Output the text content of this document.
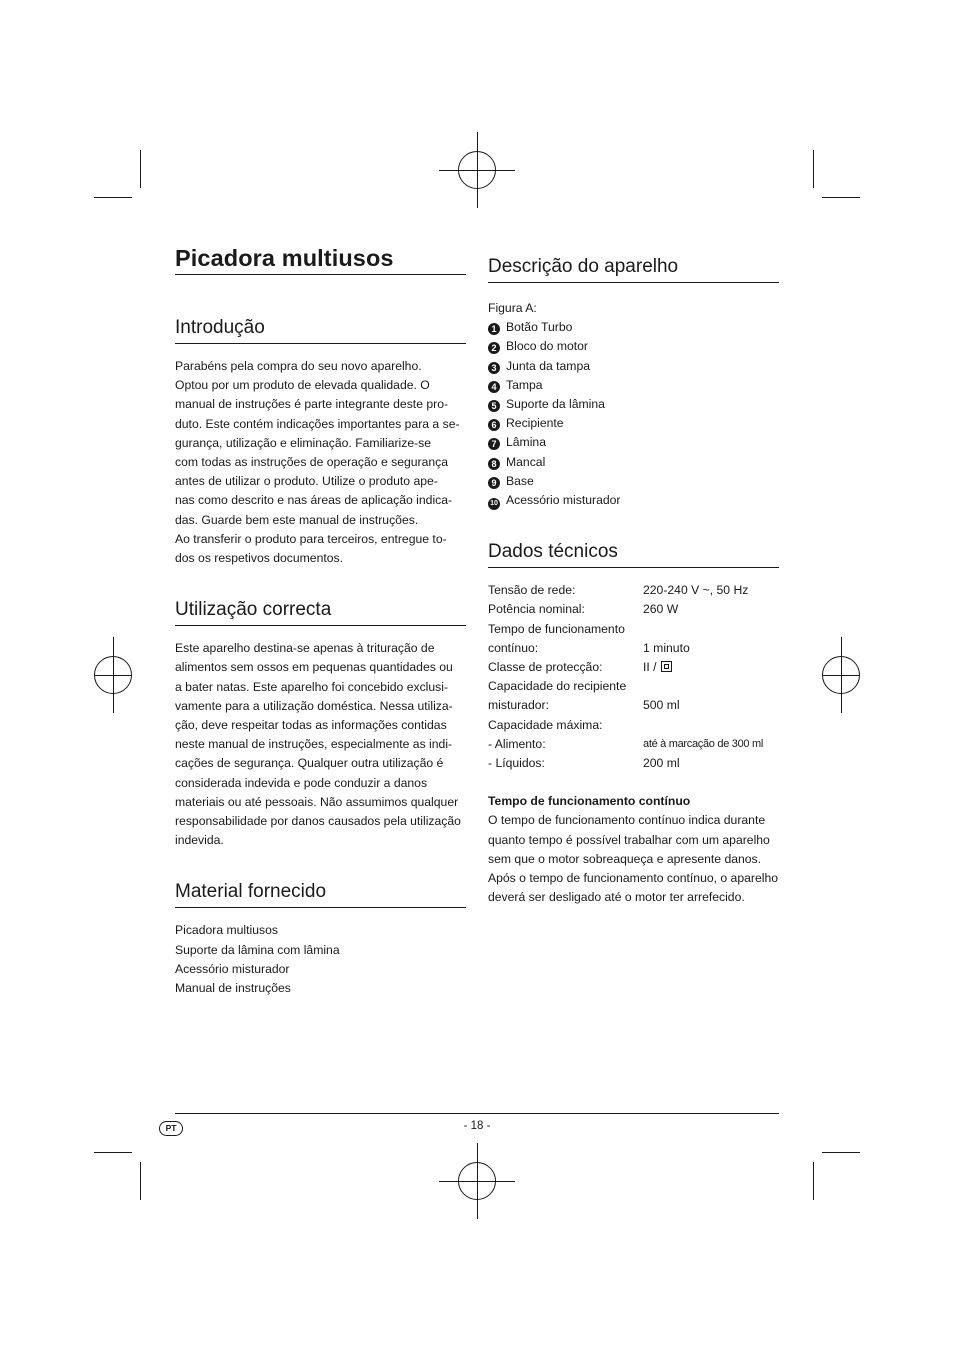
Picadora multiusos
Introdução

Parabéns pela compra do seu novo aparelho.
Optou por um produto de elevada qualidade. O
manual de instruções é parte integrante deste pro-
duto. Este contém indicações importantes para a se-
gurança, utilização e eliminação. Familiarize-se
com todas as instruções de operação e segurança
antes de utilizar o produto. Utilize o produto ape-
nas como descrito e nas áreas de aplicação indica-
das. Guarde bem este manual de instruções.
Ao transferir o produto para terceiros, entregue to-
dos os respetivos documentos.

Utilização correcta

Este aparelho destina-se apenas à trituração de
alimentos sem ossos em pequenas quantidades ou
a bater natas. Este aparelho foi concebido exclusi-
vamente para a utilização doméstica. Nessa utiliza-
ção, deve respeitar todas as informações contidas
neste manual de instruções, especialmente as indi-
cações de segurança. Qualquer outra utilização é
considerada indevida e pode conduzir a danos
materiais ou até pessoais. Não assumimos qualquer
responsabilidade por danos causados pela utilização
indevida.

Material fornecido
Picadora multiusos
Suporte da lâmina com lâmina
Acessório misturador
Manual de instruções
Descrição do aparelho
Figura A:
1 Botão Turbo
2 Bloco do motor
3 Junta da tampa
4 Tampa
5 Suporte da lâmina
6 Recipiente
7 Lâmina
8 Mancal
9 Base
10 Acessório misturador
Dados técnicos
Tensão de rede:	220-240 V ~, 50 Hz
Potência nominal:	260 W
Tempo de funcionamento
contínuo:	1 minuto
Classe de protecção:	II /
Capacidade do recipiente
misturador:	500 ml
Capacidade máxima:
- Alimento:	até à marcação de 300 ml
- Líquidos:	200 ml
Tempo de funcionamento contínuo

O tempo de funcionamento contínuo indica durante
quanto tempo é possível trabalhar com um aparelho
sem que o motor sobreaqueça e apresente danos.
Após o tempo de funcionamento contínuo, o aparelho
deverá ser desligado até o motor ter arrefecido.

PT	- 18 -
